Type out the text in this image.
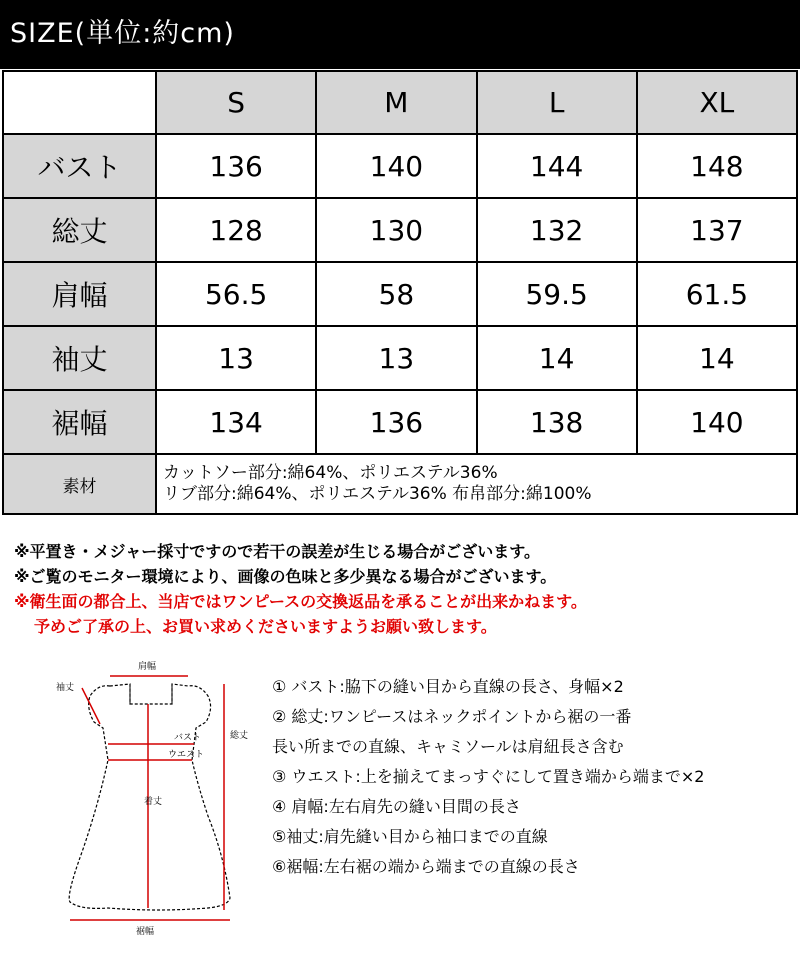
SIZE(単位:約cm)
	S	M	L	XL
バスト	136	140	144	148
総丈	128	130	132	137
肩幅	56.5	58	59.5	61.5
袖丈	13	13	14	14
裾幅	134	136	138	140
素材	カットソー部分:綿64%、ポリエステル36%
リブ部分:綿64%、ポリエステル36% 布帛部分:綿100%			
※平置き・メジャー採寸ですので若干の誤差が生じる場合がございます。
※ご覧のモニター環境により、画像の色味と多少異なる場合がございます。
※衛生面の都合上、当店ではワンピースの交換返品を承ることが出来かねます。
予めご了承の上、お買い求めくださいますようお願い致します。
肩幅
袖丈
バスト
ウエスト
総丈
着丈
裾幅
① バスト:脇下の縫い目から直線の長さ、身幅×2
② 総丈:ワンピースはネックポイントから裾の一番
長い所までの直線、キャミソールは肩紐長さ含む
③ ウエスト:上を揃えてまっすぐにして置き端から端まで×2
④ 肩幅:左右肩先の縫い目間の長さ
⑤袖丈:肩先縫い目から袖口までの直線
⑥裾幅:左右裾の端から端までの直線の長さ
